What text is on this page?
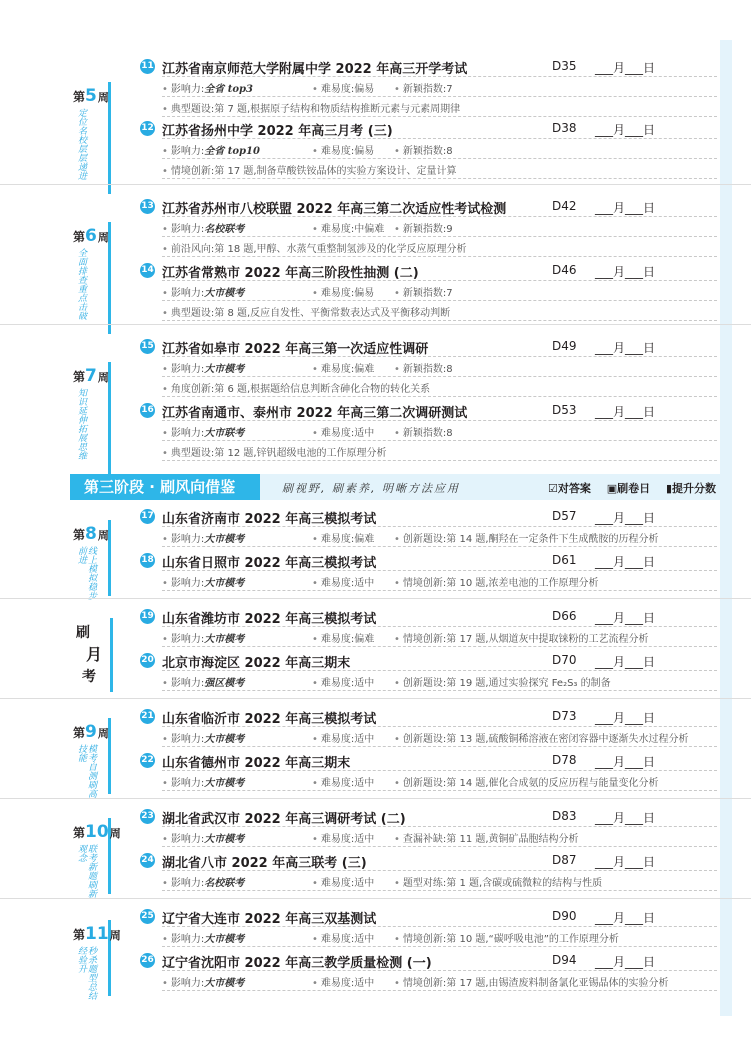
第5周
定位名校层层递进
第6周
全面排查重点击破
第7周
知识延伸拓展思维
11 江苏省南京师范大学附属中学 2022 年高三开学考试	D35 ___月___日
• 影响力:全省 top3	• 难易度:偏易 • 新颖指数:7
• 典型题设:第 7 题,根据原子结构和物质结构推断元素与元素周期律
12 江苏省扬州中学 2022 年高三月考 (三)	D38 ___月___日
• 影响力:全省 top10	• 难易度:偏易 • 新颖指数:8
• 情境创新:第 17 题,制备草酸铁铵晶体的实验方案设计、定量计算
13 江苏省苏州市八校联盟 2022 年高三第二次适应性考试检测	D42 ___月___日
• 影响力:名校联考	• 难易度:中偏难 • 新颖指数:9
• 前沿风向:第 18 题,甲醇、水蒸气重整制氢涉及的化学反应原理分析
14 江苏省常熟市 2022 年高三阶段性抽测 (二)	D46 ___月___日
• 影响力:大市模考	• 难易度:偏易 • 新颖指数:7
• 典型题设:第 8 题,反应自发性、平衡常数表达式及平衡移动判断
15 江苏省如皋市 2022 年高三第一次适应性调研	D49 ___月___日
• 影响力:大市模考	• 难易度:偏难 • 新颖指数:8
• 角度创新:第 6 题,根据题给信息判断含砷化合物的转化关系
16 江苏省南通市、泰州市 2022 年高三第二次调研测试	D53 ___月___日
• 影响力:大市联考	• 难易度:适中 • 新颖指数:8
• 典型题设:第 12 题,锌钒超级电池的工作原理分析
第三阶段 · 刷风向借鉴	刷视野, 刷素养, 明晰方法应用	☑对答案 ▣刷卷日 ▮提升分数
第8周
线上模拟稳步前进
刷
月
考
第9周
模考自测刷高技能
第10周
联考新题刷新观念
第11周
秒杀题型总结经验升
17 山东省济南市 2022 年高三模拟考试	D57 ___月___日
• 影响力:大市模考	• 难易度:偏难 • 创新题设:第 14 题,酮羟在一定条件下生成酰胺的历程分析
18 山东省日照市 2022 年高三模拟考试	D61 ___月___日
• 影响力:大市模考	• 难易度:适中 • 情境创新:第 10 题,浓差电池的工作原理分析
19 山东省潍坊市 2022 年高三模拟考试	D66 ___月___日
• 影响力:大市模考	• 难易度:偏难 • 情境创新:第 17 题,从烟道灰中提取铼粉的工艺流程分析
20 北京市海淀区 2022 年高三期末	D70 ___月___日
• 影响力:强区模考	• 难易度:适中 • 创新题设:第 19 题,通过实验探究 Fe₂S₃ 的制备
21 山东省临沂市 2022 年高三模拟考试	D73 ___月___日
• 影响力:大市模考	• 难易度:适中 • 创新题设:第 13 题,硫酸铜稀溶液在密闭容器中逐渐失水过程分析
22 山东省德州市 2022 年高三期末	D78 ___月___日
• 影响力:大市模考	• 难易度:适中 • 创新题设:第 14 题,催化合成氨的反应历程与能量变化分析
23 湖北省武汉市 2022 年高三调研考试 (二)	D83 ___月___日
• 影响力:大市模考	• 难易度:适中 • 查漏补缺:第 11 题,黄铜矿晶胞结构分析
24 湖北省八市 2022 年高三联考 (三)	D87 ___月___日
• 影响力:名校联考	• 难易度:适中 • 题型对练:第 1 题,含碳或硫微粒的结构与性质
25 辽宁省大连市 2022 年高三双基测试	D90 ___月___日
• 影响力:大市模考	• 难易度:适中 • 情境创新:第 10 题,“碳呼吸电池”的工作原理分析
26 辽宁省沈阳市 2022 年高三教学质量检测 (一)	D94 ___月___日
• 影响力:大市模考	• 难易度:适中 • 情境创新:第 17 题,由锡渣废料制备氯化亚锡晶体的实验分析
